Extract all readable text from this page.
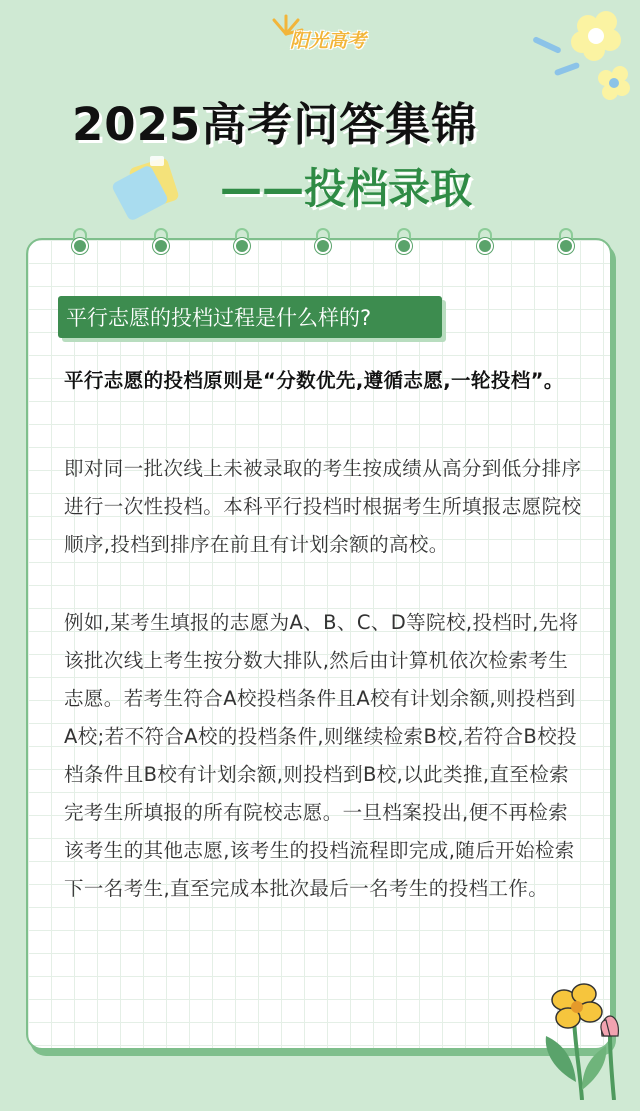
阳光高考
2025高考问答集锦
——投档录取
平行志愿的投档过程是什么样的?

平行志愿的投档原则是“分数优先,遵循志愿,一轮投档”。

即对同一批次线上未被录取的考生按成绩从高分到低分排序进行一次性投档。本科平行投档时根据考生所填报志愿院校顺序,投档到排序在前且有计划余额的高校。

例如,某考生填报的志愿为A、B、C、D等院校,投档时,先将该批次线上考生按分数大排队,然后由计算机依次检索考生志愿。若考生符合A校投档条件且A校有计划余额,则投档到A校;若不符合A校的投档条件,则继续检索B校,若符合B校投档条件且B校有计划余额,则投档到B校,以此类推,直至检索完考生所填报的所有院校志愿。一旦档案投出,便不再检索该考生的其他志愿,该考生的投档流程即完成,随后开始检索下一名考生,直至完成本批次最后一名考生的投档工作。
